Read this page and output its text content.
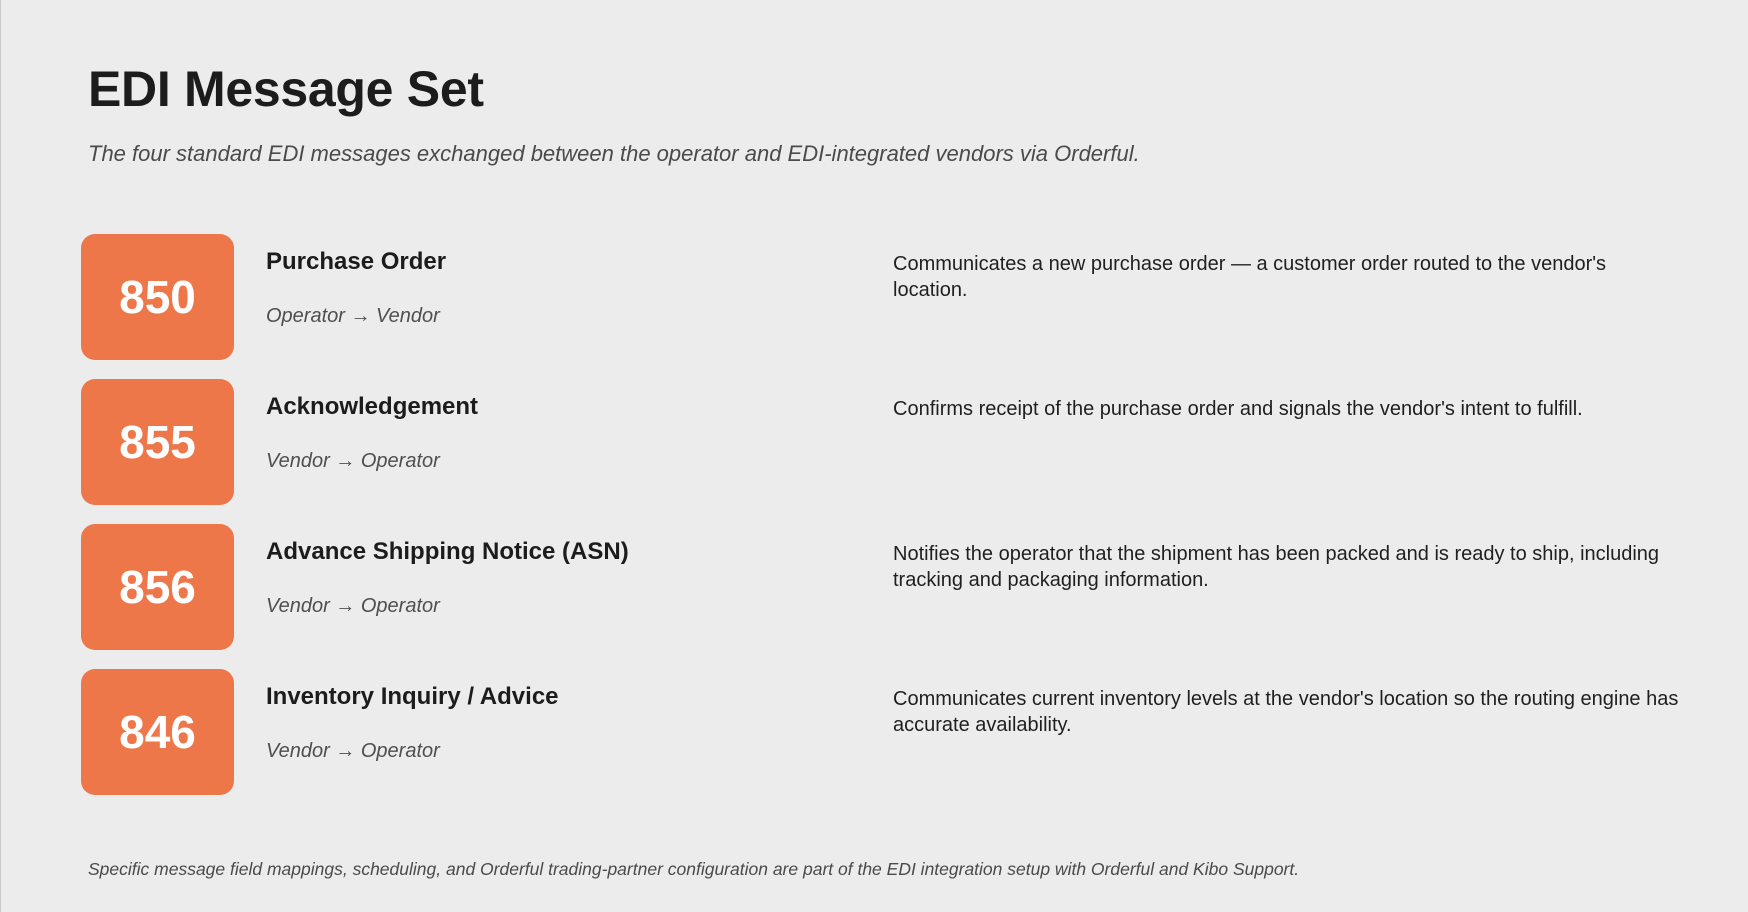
EDI Message Set

The four standard EDI messages exchanged between the operator and EDI-integrated vendors via Orderful.

850
Purchase Order
Operator → Vendor
Communicates a new purchase order — a customer order routed to the vendor's location.
855
Acknowledgement
Vendor → Operator
Confirms receipt of the purchase order and signals the vendor's intent to fulfill.
856
Advance Shipping Notice (ASN)
Vendor → Operator
Notifies the operator that the shipment has been packed and is ready to ship, including tracking and packaging information.
846
Inventory Inquiry / Advice
Vendor → Operator
Communicates current inventory levels at the vendor's location so the routing engine has accurate availability.
Specific message field mappings, scheduling, and Orderful trading-partner configuration are part of the EDI integration setup with Orderful and Kibo Support.
